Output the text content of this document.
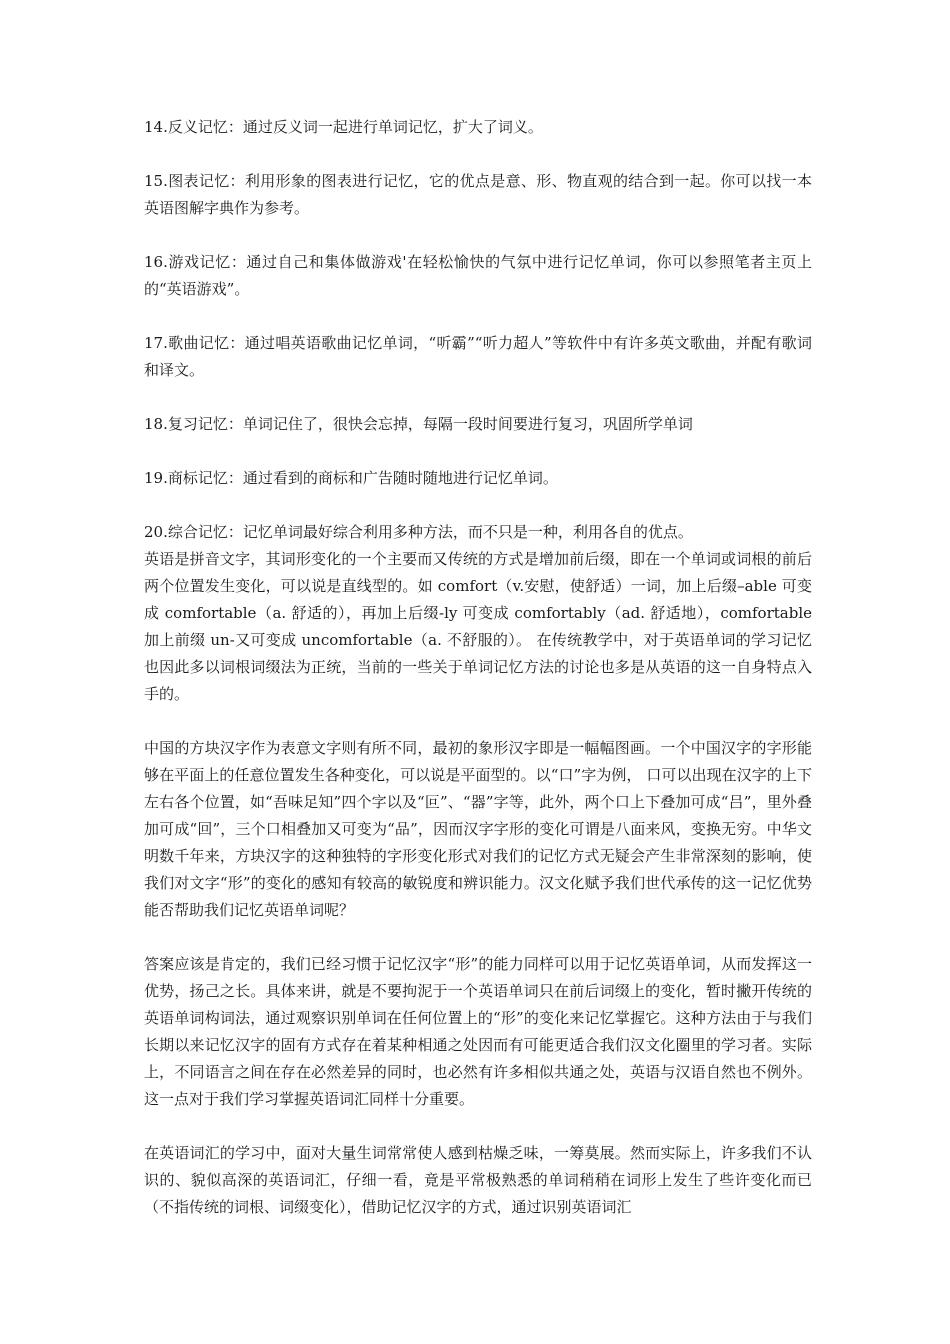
14.反义记忆：通过反义词一起进行单词记忆，扩大了词义。

15.图表记忆：利用形象的图表进行记忆，它的优点是意、形、物直观的结合到一起。你可以找一本英语图解字典作为参考。

16.游戏记忆：通过自己和集体做游戏'在轻松愉快的气氛中进行记忆单词，你可以参照笔者主页上的“英语游戏”。

17.歌曲记忆：通过唱英语歌曲记忆单词，“听霸”“听力超人”等软件中有许多英文歌曲，并配有歌词和译文。

18.复习记忆：单词记住了，很快会忘掉，每隔一段时间要进行复习，巩固所学单词

19.商标记忆：通过看到的商标和广告随时随地进行记忆单词。

20.综合记忆：记忆单词最好综合利用多种方法，而不只是一种，利用各自的优点。

英语是拼音文字，其词形变化的一个主要而又传统的方式是增加前后缀，即在一个单词或词根的前后两个位置发生变化，可以说是直线型的。如 comfort（v.安慰，使舒适）一词，加上后缀–able 可变成 comfortable（a. 舒适的），再加上后缀-ly 可变成 comfortably（ad. 舒适地），comfortable 加上前缀 un-又可变成 uncomfortable（a. 不舒服的）。 在传统教学中，对于英语单词的学习记忆也因此多以词根词缀法为正统，当前的一些关于单词记忆方法的讨论也多是从英语的这一自身特点入手的。

中国的方块汉字作为表意文字则有所不同，最初的象形汉字即是一幅幅图画。一个中国汉字的字形能够在平面上的任意位置发生各种变化，可以说是平面型的。以“口”字为例， 口可以出现在汉字的上下左右各个位置，如“吾味足知”四个字以及“叵”、“器”字等，此外，两个口上下叠加可成“吕”，里外叠加可成“回”，三个口相叠加又可变为“品”，因而汉字字形的变化可谓是八面来风，变换无穷。中华文明数千年来，方块汉字的这种独特的字形变化形式对我们的记忆方式无疑会产生非常深刻的影响，使我们对文字“形”的变化的感知有较高的敏锐度和辨识能力。汉文化赋予我们世代承传的这一记忆优势能否帮助我们记忆英语单词呢？

答案应该是肯定的，我们已经习惯于记忆汉字“形”的能力同样可以用于记忆英语单词，从而发挥这一优势，扬己之长。具体来讲，就是不要拘泥于一个英语单词只在前后词缀上的变化，暂时撇开传统的英语单词构词法，通过观察识别单词在任何位置上的“形”的变化来记忆掌握它。这种方法由于与我们长期以来记忆汉字的固有方式存在着某种相通之处因而有可能更适合我们汉文化圈里的学习者。实际上，不同语言之间在存在必然差异的同时，也必然有许多相似共通之处，英语与汉语自然也不例外。这一点对于我们学习掌握英语词汇同样十分重要。

在英语词汇的学习中，面对大量生词常常使人感到枯燥乏味，一筹莫展。然而实际上，许多我们不认识的、貌似高深的英语词汇，仔细一看，竟是平常极熟悉的单词稍稍在词形上发生了些许变化而已（不指传统的词根、词缀变化），借助记忆汉字的方式，通过识别英语词汇
